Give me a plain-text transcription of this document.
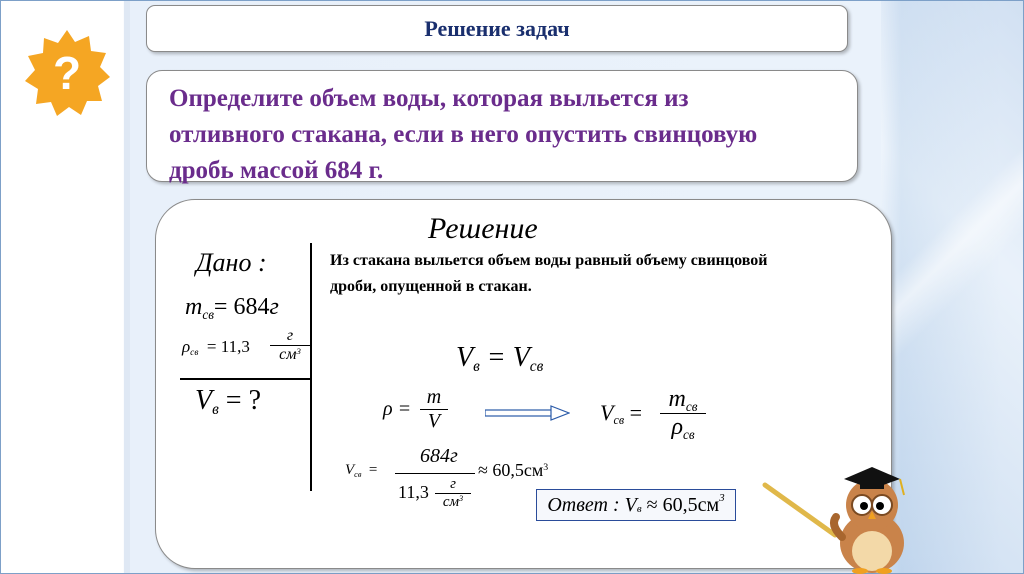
?
Решение задач
Определите объем воды, которая выльется из
отливного стакана, если в него опустить свинцовую
дробь массой 684 г.
Решение
Дано :
mсв= 684г
ρсв = 11,3
г
$см^3$
Vв = ?
Из стакана выльется объем воды равный объему свинцовой
дроби, опущенной в стакан.
Vв = Vсв
ρ =
m
V	Vсв =
mсв
ρсв
Vсв =
684г
11,3	г
$см^3$
≈ $60,5см^3$
Ответ :
V в
≈ 60,5см 3
